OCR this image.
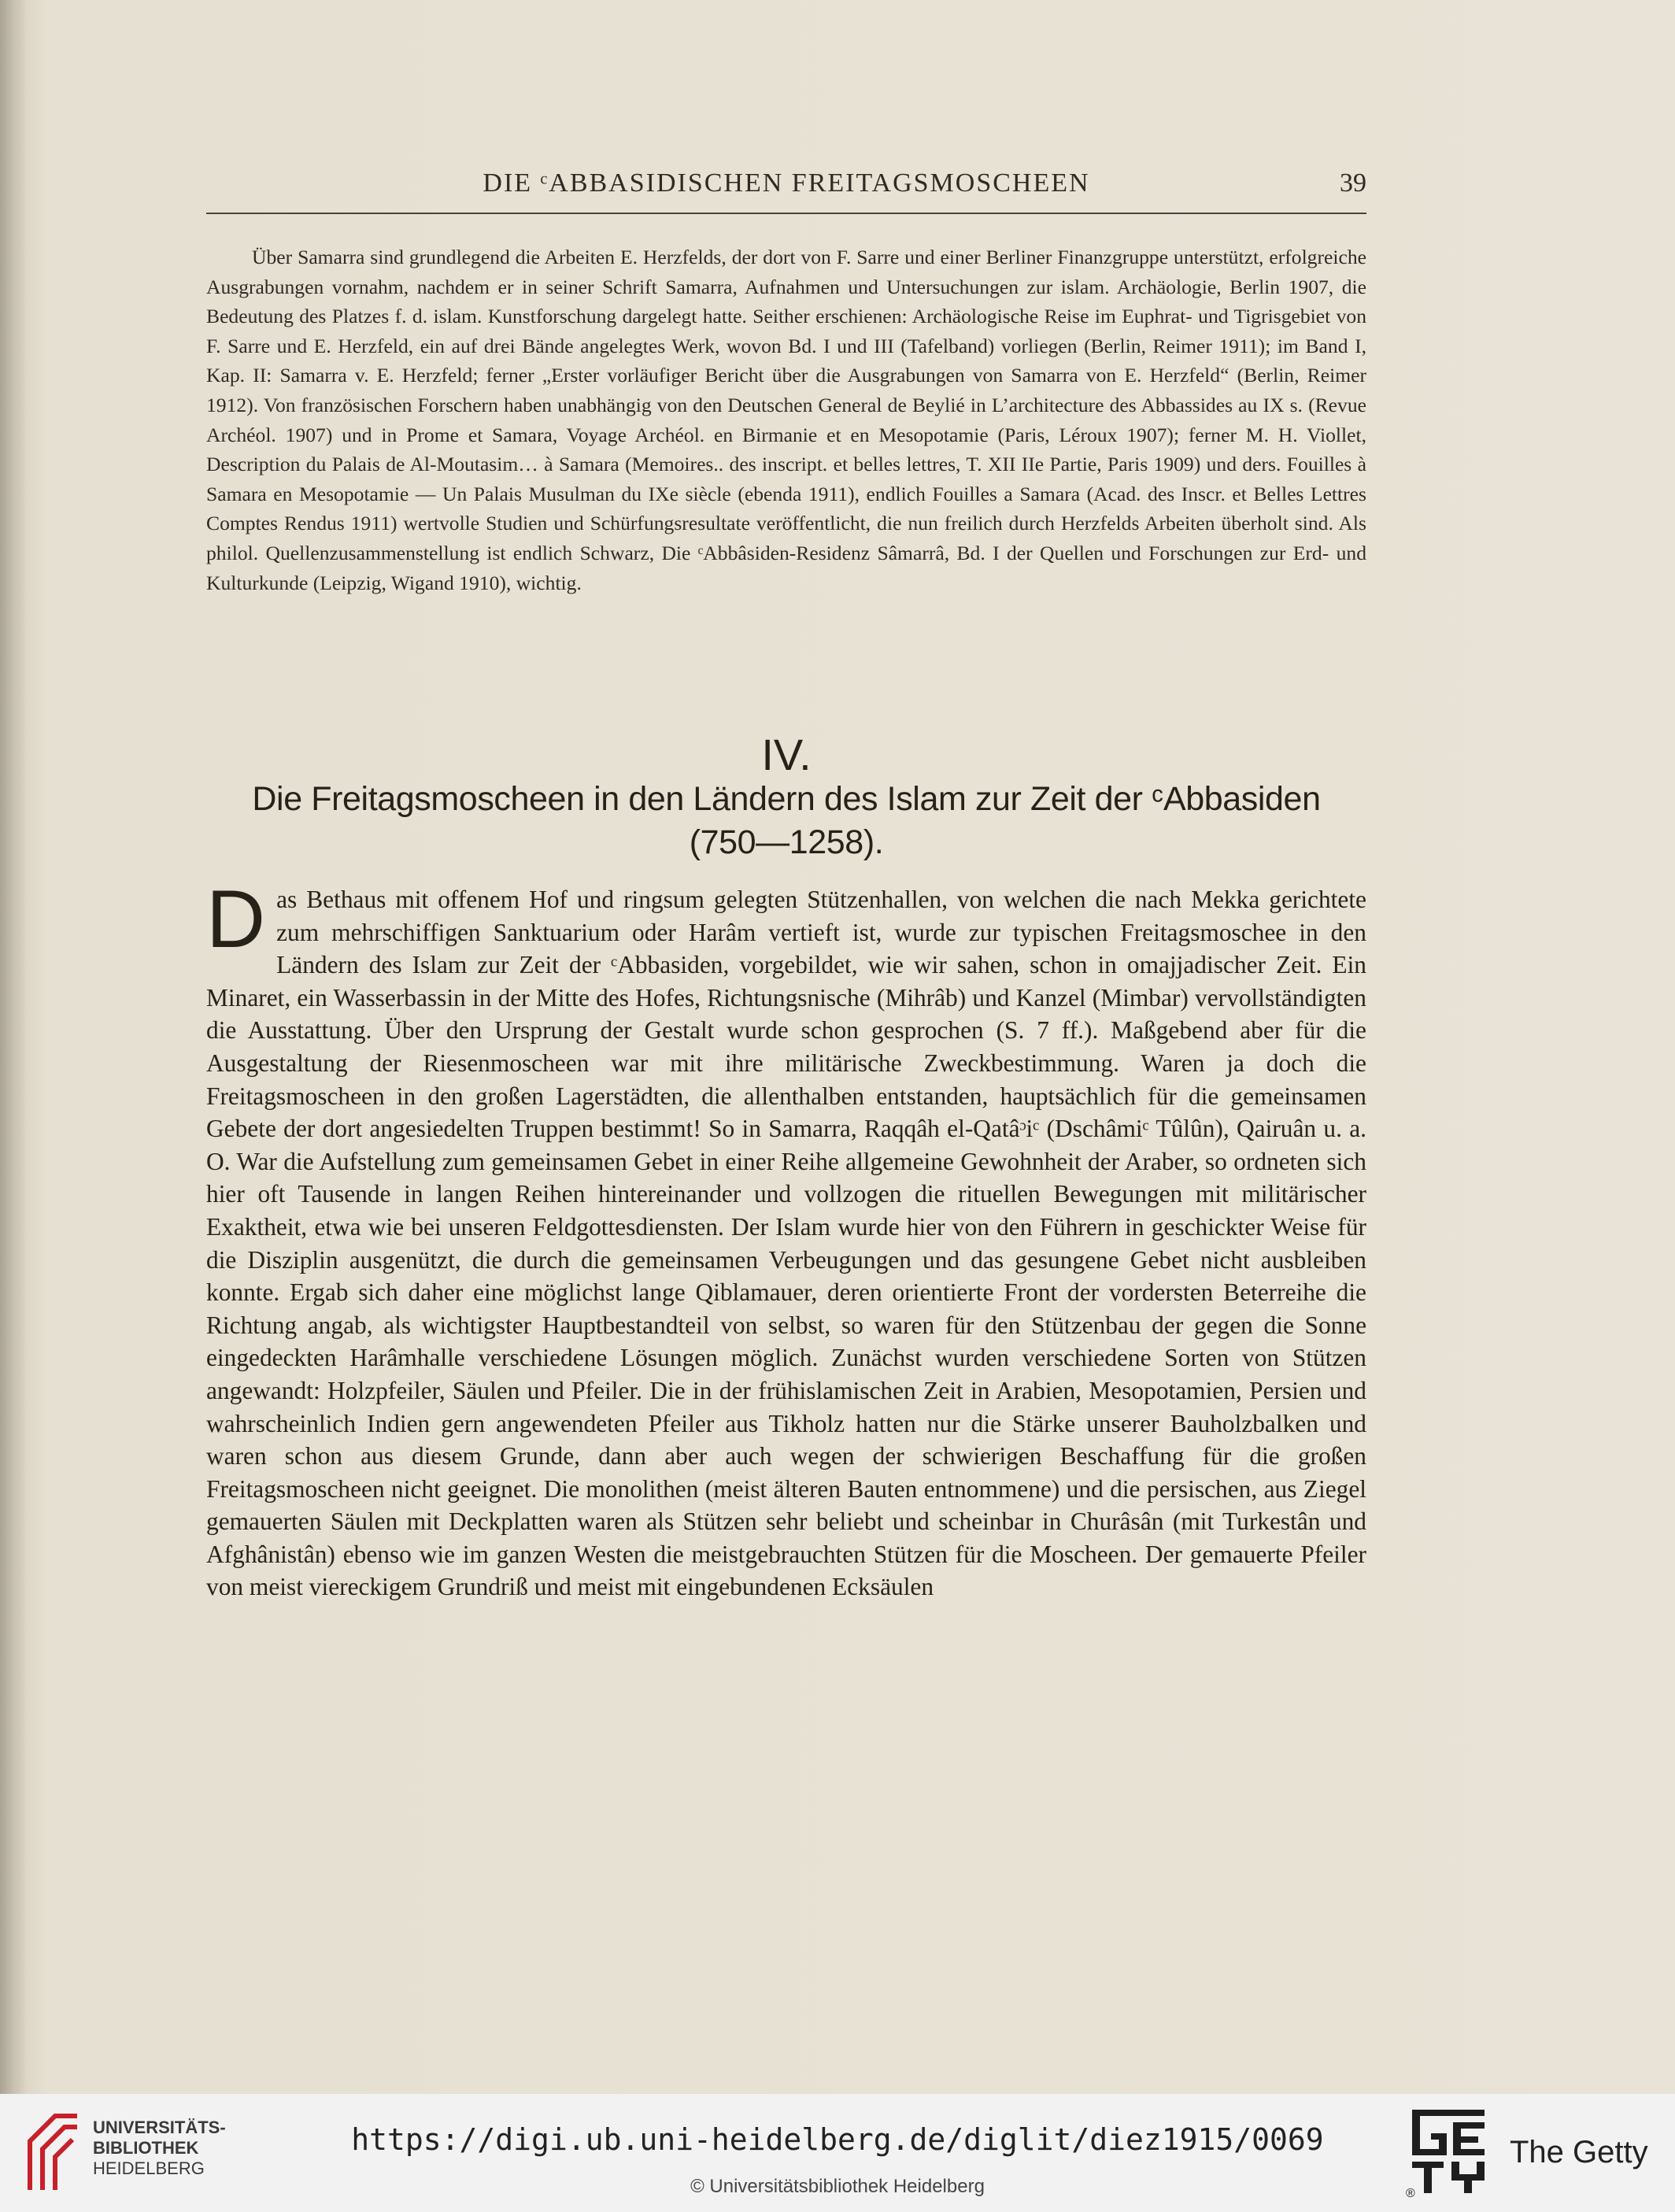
DIE ᶜABBASIDISCHEN FREITAGSMOSCHEEN	39
Über Samarra sind grundlegend die Arbeiten E. Herzfelds, der dort von F. Sarre und einer Berliner Finanzgruppe unterstützt, erfolgreiche Ausgrabungen vornahm, nachdem er in seiner Schrift Samarra, Aufnahmen und Untersuchungen zur islam. Archäologie, Berlin 1907, die Bedeutung des Platzes f. d. islam. Kunstforschung dargelegt hatte. Seither erschienen: Archäologische Reise im Euphrat- und Tigrisgebiet von F. Sarre und E. Herzfeld, ein auf drei Bände angelegtes Werk, wovon Bd. I und III (Tafelband) vorliegen (Berlin, Reimer 1911); im Band I, Kap. II: Samarra v. E. Herzfeld; ferner „Erster vorläufiger Bericht über die Ausgrabungen von Samarra von E. Herzfeld“ (Berlin, Reimer 1912). Von französischen Forschern haben unabhängig von den Deutschen General de Beylié in L’architecture des Abbassides au IX s. (Revue Archéol. 1907) und in Prome et Samara, Voyage Archéol. en Birmanie et en Mesopotamie (Paris, Léroux 1907); ferner M. H. Viollet, Description du Palais de Al-Moutasim… à Samara (Memoires.. des inscript. et belles lettres, T. XII IIe Partie, Paris 1909) und ders. Fouilles à Samara en Mesopotamie — Un Palais Musulman du IXe siècle (ebenda 1911), endlich Fouilles a Samara (Acad. des Inscr. et Belles Lettres Comptes Rendus 1911) wertvolle Studien und Schürfungsresultate veröffentlicht, die nun freilich durch Herzfelds Arbeiten überholt sind. Als philol. Quellenzusammenstellung ist endlich Schwarz, Die ᶜAbbâsiden-Residenz Sâmarrâ, Bd. I der Quellen und Forschungen zur Erd- und Kulturkunde (Leipzig, Wigand 1910), wichtig.
IV.
Die Freitagsmoscheen in den Ländern des Islam zur Zeit der ᶜAbbasiden
(750—1258).
Das Bethaus mit offenem Hof und ringsum gelegten Stützenhallen, von welchen die nach Mekka gerichtete zum mehrschiffigen Sanktuarium oder Harâm vertieft ist, wurde zur typischen Freitagsmoschee in den Ländern des Islam zur Zeit der ᶜAbbasiden, vorgebildet, wie wir sahen, schon in omajjadischer Zeit. Ein Minaret, ein Wasserbassin in der Mitte des Hofes, Richtungsnische (Mihrâb) und Kanzel (Mimbar) vervollständigten die Ausstattung. Über den Ursprung der Gestalt wurde schon gesprochen (S. 7 ff.). Maßgebend aber für die Ausgestaltung der Riesenmoscheen war mit ihre militärische Zweckbestimmung. Waren ja doch die Freitagsmoscheen in den großen Lagerstädten, die allenthalben entstanden, hauptsächlich für die gemeinsamen Gebete der dort angesiedelten Truppen bestimmt! So in Samarra, Raqqâh el-Qatâᵓiᶜ (Dschâmiᶜ Tûlûn), Qairuân u. a. O. War die Aufstellung zum gemeinsamen Gebet in einer Reihe allgemeine Gewohnheit der Araber, so ordneten sich hier oft Tausende in langen Reihen hintereinander und vollzogen die rituellen Bewegungen mit militärischer Exaktheit, etwa wie bei unseren Feldgottesdiensten. Der Islam wurde hier von den Führern in geschickter Weise für die Disziplin ausgenützt, die durch die gemeinsamen Verbeugungen und das gesungene Gebet nicht ausbleiben konnte. Ergab sich daher eine möglichst lange Qiblamauer, deren orientierte Front der vordersten Beterreihe die Richtung angab, als wichtigster Hauptbestandteil von selbst, so waren für den Stützenbau der gegen die Sonne eingedeckten Harâmhalle verschiedene Lösungen möglich. Zunächst wurden verschiedene Sorten von Stützen angewandt: Holzpfeiler, Säulen und Pfeiler. Die in der frühislamischen Zeit in Arabien, Mesopotamien, Persien und wahrscheinlich Indien gern angewendeten Pfeiler aus Tikholz hatten nur die Stärke unserer Bauholzbalken und waren schon aus diesem Grunde, dann aber auch wegen der schwierigen Beschaffung für die großen Freitagsmoscheen nicht geeignet. Die monolithen (meist älteren Bauten entnommene) und die persischen, aus Ziegel gemauerten Säulen mit Deckplatten waren als Stützen sehr beliebt und scheinbar in Churâsân (mit Turkestân und Afghânistân) ebenso wie im ganzen Westen die meistgebrauchten Stützen für die Moscheen. Der gemauerte Pfeiler von meist viereckigem Grundriß und meist mit eingebundenen Ecksäulen
UNIVERSITÄTS-
BIBLIOTHEK
HEIDELBERG
https://digi.ub.uni-heidelberg.de/diglit/diez1915/0069
© Universitätsbibliothek Heidelberg	®
The Getty
